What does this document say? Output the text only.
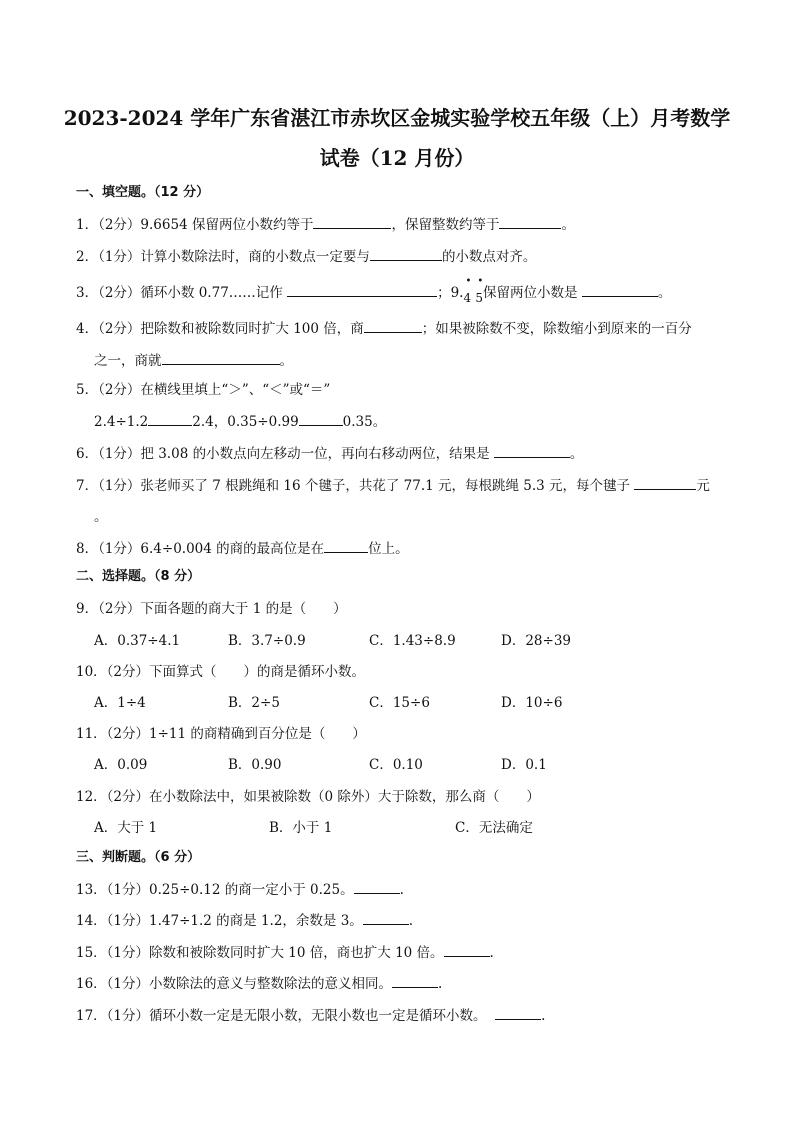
2023-2024 学年广东省湛江市赤坎区金城实验学校五年级（上）月考数学
试卷（12 月份）
一、填空题。（12 分）
1．（2分）9.6654 保留两位小数约等于	，保留整数约等于	。
2．（1分）计算小数除法时，商的小数点一定要与	的小数点对齐。
3．（2分）循环小数 0.77……记作	；9.
•
4
•
5保留两位小数是	。
4．（2分）把除数和被除数同时扩大 100 倍，商	；如果被除数不变，除数缩小到原来的一百分
之一，商就	。
5．（2分）在横线里填上“＞”、“＜”或“＝”
2.4÷1.2	2.4，0.35÷0.99	0.35。
6．（1分）把 3.08 的小数点向左移动一位，再向右移动两位，结果是	。
7．（1分）张老师买了 7 根跳绳和 16 个毽子，共花了 77.1 元，每根跳绳 5.3 元，每个毽子	元
。
8．（1分）6.4÷0.004 的商的最高位是在	位上。
二、选择题。（8 分）
9．（2分）下面各题的商大于 1 的是（　　）
A．0.37÷4.1	B．3.7÷0.9	C．1.43÷8.9	D．28÷39
10．（2分）下面算式（　　）的商是循环小数。
A．1÷4	B．2÷5	C．15÷6	D．10÷6
11．（2分）1÷11 的商精确到百分位是（　　）
A．0.09	B．0.90	C．0.10	D．0.1
12．（2分）在小数除法中，如果被除数（0 除外）大于除数，那么商（　　）
A．大于 1	B．小于 1	C．无法确定
三、判断题。（6 分）
13．（1分）0.25÷0.12 的商一定小于 0.25。	.
14．（1分）1.47÷1.2 的商是 1.2，余数是 3。	.
15．（1分）除数和被除数同时扩大 10 倍，商也扩大 10 倍。	.
16．（1分）小数除法的意义与整数除法的意义相同。	.
17．（1分）循环小数一定是无限小数，无限小数也一定是循环小数。	.
